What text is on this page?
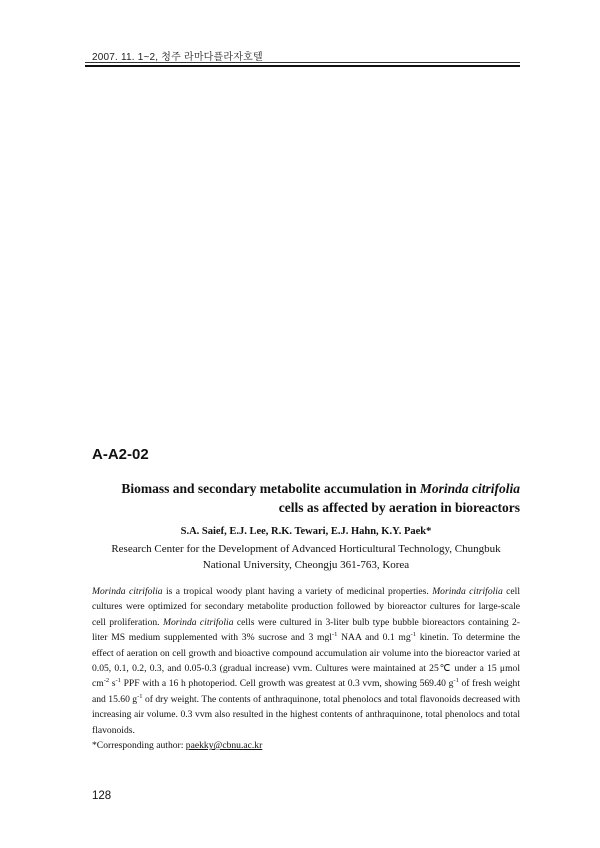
2007. 11. 1~2, 청주 라마다플라자호텔
A-A2-02
Biomass and secondary metabolite accumulation in Morinda citrifolia
cells as affected by aeration in bioreactors
S.A. Saief, E.J. Lee, R.K. Tewari, E.J. Hahn, K.Y. Paek*
Research Center for the Development of Advanced Horticultural Technology, Chungbuk
National University, Cheongju 361-763, Korea

Morinda citrifolia is a tropical woody plant having a variety of medicinal properties. Morinda citrifolia cell cultures were optimized for secondary metabolite production followed by bioreactor cultures for large-scale cell proliferation. Morinda citrifolia cells were cultured in 3-liter bulb type bubble bioreactors containing 2-liter MS medium supplemented with 3% sucrose and 3 mgl$^{-1}$ NAA and 0.1 $mg^{-1}$ kinetin. To determine the effect of aeration on cell growth and bioactive compound accumulation air volume into the bioreactor varied at 0.05, 0.1, 0.2, 0.3, and 0.05-0.3 (gradual increase) vvm. Cultures were maintained at 25℃ under a 15 μmol $cm^{-2}$ $s^{-1}$ PPF with a 16 h photoperiod. Cell growth was greatest at 0.3 vvm, showing 569.40 $g^{-1}$ of fresh weight and 15.60 $g^{-1}$ of dry weight. The contents of anthraquinone, total phenolocs and total flavonoids decreased with increasing air volume. 0.3 vvm also resulted in the highest contents of anthraquinone, total phenolocs and total flavonoids.

*Corresponding author: paekky@cbnu.ac.kr

128
